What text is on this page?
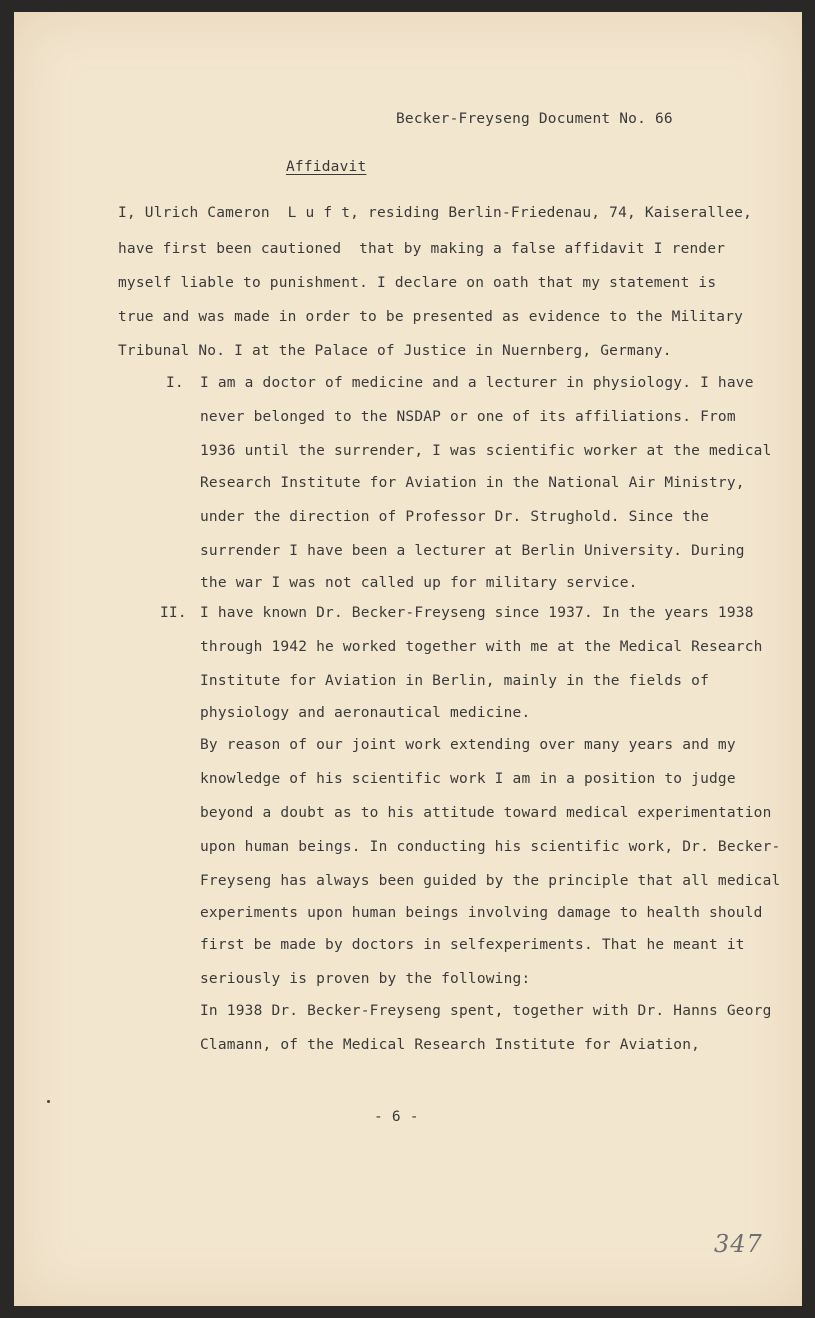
Becker-Freyseng Document No. 66
Affidavit
I, Ulrich Cameron  L u f t, residing Berlin-Friedenau, 74, Kaiserallee,
have first been cautioned  that by making a false affidavit I render
myself liable to punishment. I declare on oath that my statement is
true and was made in order to be presented as evidence to the Military
Tribunal No. I at the Palace of Justice in Nuernberg, Germany.
I. I am a doctor of medicine and a lecturer in physiology. I have
never belonged to the NSDAP or one of its affiliations. From
1936 until the surrender, I was scientific worker at the medical
Research Institute for Aviation in the National Air Ministry,
under the direction of Professor Dr. Strughold. Since the
surrender I have been a lecturer at Berlin University. During
the war I was not called up for military service.
II. I have known Dr. Becker-Freyseng since 1937. In the years 1938
through 1942 he worked together with me at the Medical Research
Institute for Aviation in Berlin, mainly in the fields of
physiology and aeronautical medicine.
By reason of our joint work extending over many years and my
knowledge of his scientific work I am in a position to judge
beyond a doubt as to his attitude toward medical experimentation
upon human beings. In conducting his scientific work, Dr. Becker-
Freyseng has always been guided by the principle that all medical
experiments upon human beings involving damage to health should
first be made by doctors in selfexperiments. That he meant it
seriously is proven by the following:
In 1938 Dr. Becker-Freyseng spent, together with Dr. Hanns Georg
Clamann, of the Medical Research Institute for Aviation,
- 6 -
347
